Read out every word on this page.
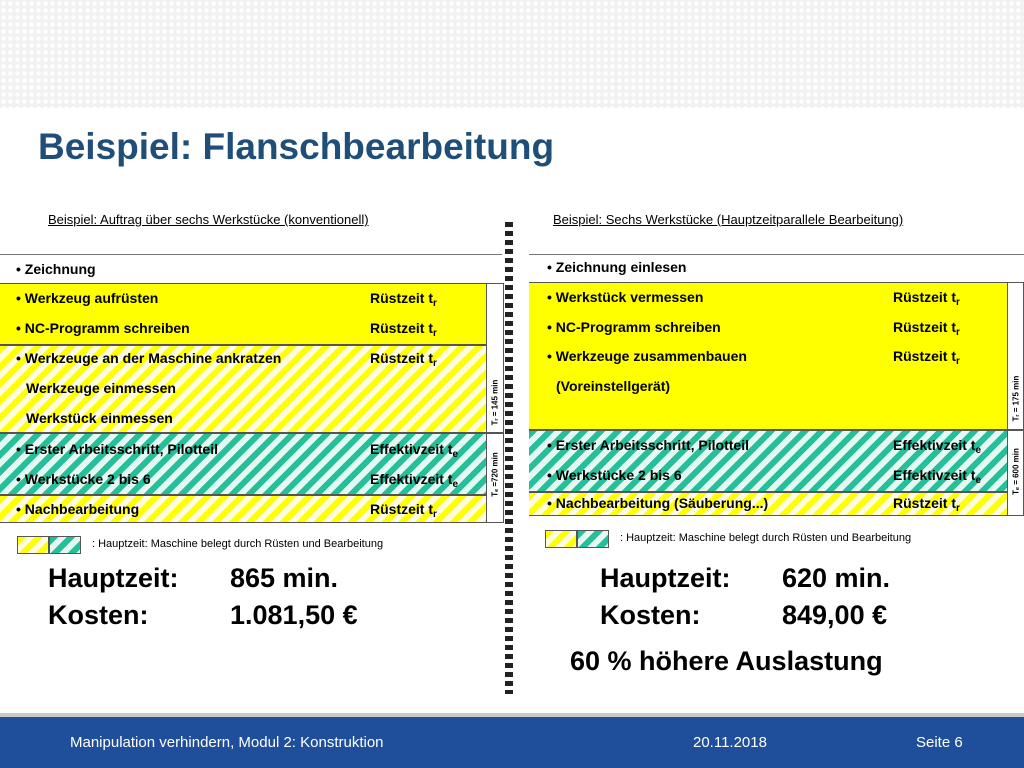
Beispiel: Flanschbearbeitung
Beispiel: Auftrag über sechs Werkstücke (konventionell)
Tᵣ = 145 min
Tₑ =720 min
• Zeichnung
• Werkzeug aufrüsten	Rüstzeit $t_r$
• NC-Programm schreiben	Rüstzeit $t_r$
• Werkzeuge an der Maschine ankratzen	Rüstzeit $t_r$
Werkzeuge einmessen
Werkstück einmessen
• Erster Arbeitsschritt, Pilotteil	Effektivzeit $t_e$
• Werkstücke 2 bis 6	Effektivzeit $t_e$
• Nachbearbeitung	Rüstzeit $t_r$
: Hauptzeit: Maschine belegt durch Rüsten und Bearbeitung
Hauptzeit: 865 min.
Kosten:	1.081,50 €
Beispiel: Sechs Werkstücke (Hauptzeitparallele Bearbeitung)
Tᵣ = 175 min
Tₑ = 600 min
• Zeichnung einlesen
• Werkstück vermessen	Rüstzeit $t_r$
• NC-Programm schreiben	Rüstzeit $t_r$
• Werkzeuge zusammenbauen	Rüstzeit $t_r$
(Voreinstellgerät)
• Erster Arbeitsschritt, Pilotteil	Effektivzeit $t_e$
• Werkstücke 2 bis 6	Effektivzeit $t_e$
• Nachbearbeitung (Säuberung...)	Rüstzeit $t_r$
: Hauptzeit: Maschine belegt durch Rüsten und Bearbeitung
Hauptzeit: 620 min.
Kosten:	849,00 €
60 % höhere Auslastung
Manipulation verhindern, Modul 2: Konstruktion	20.11.2018	Seite 6
